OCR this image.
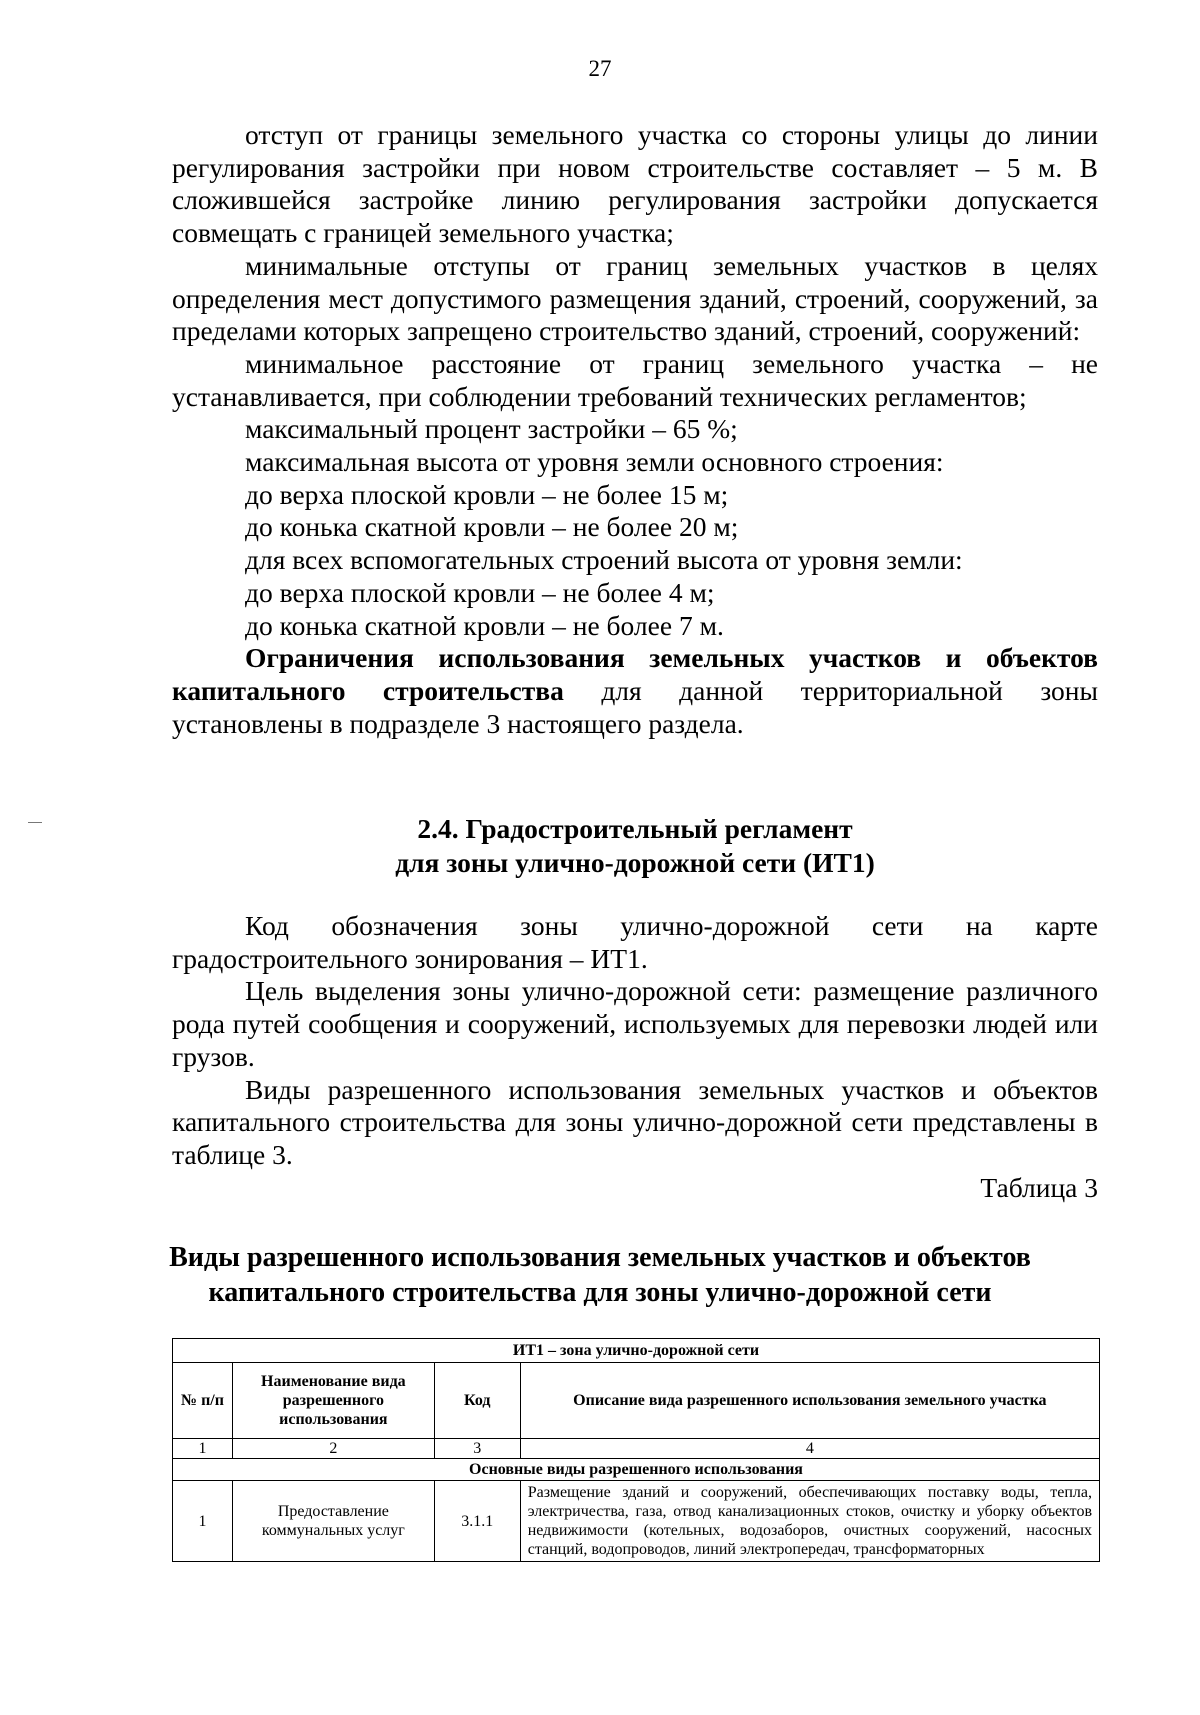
27

отступ от границы земельного участка со стороны улицы до линии регулирования застройки при новом строительстве составляет – 5 м. В сложившейся застройке линию регулирования застройки допускается совмещать с границей земельного участка;

минимальные отступы от границ земельных участков в целях определения мест допустимого размещения зданий, строений, сооружений, за пределами которых запрещено строительство зданий, строений, сооружений:

минимальное расстояние от границ земельного участка – не устанавливается, при соблюдении требований технических регламентов;

максимальный процент застройки – 65 %;

максимальная высота от уровня земли основного строения:

до верха плоской кровли – не более 15 м;

до конька скатной кровли – не более 20 м;

для всех вспомогательных строений высота от уровня земли:

до верха плоской кровли – не более 4 м;

до конька скатной кровли – не более 7 м.

Ограничения использования земельных участков и объектов капитального строительства для данной территориальной зоны установлены в подразделе 3 настоящего раздела.

2.4. Градостроительный регламент
для зоны улично-дорожной сети (ИТ1)

Код обозначения зоны улично-дорожной сети на карте градостроительного зонирования – ИТ1.

Цель выделения зоны улично-дорожной сети: размещение различного рода путей сообщения и сооружений, используемых для перевозки людей или грузов.

Виды разрешенного использования земельных участков и объектов капитального строительства для зоны улично-дорожной сети представлены в таблице 3.

Таблица 3
Виды разрешенного использования земельных участков и объектов
капитального строительства для зоны улично-дорожной сети
ИТ1 – зона улично-дорожной сети			
№ п/п	Наименование вида разрешенного использования	Код	Описание вида разрешенного использования земельного участка
1	2	3	4
Основные виды разрешенного использования			
1	Предоставление коммунальных услуг	3.1.1	Размещение зданий и сооружений, обеспечивающих поставку воды, тепла, электричества, газа, отвод канализационных стоков, очистку и уборку объектов недвижимости (котельных, водозаборов, очистных сооружений, насосных станций, водопроводов, линий электропередач, трансформаторных
